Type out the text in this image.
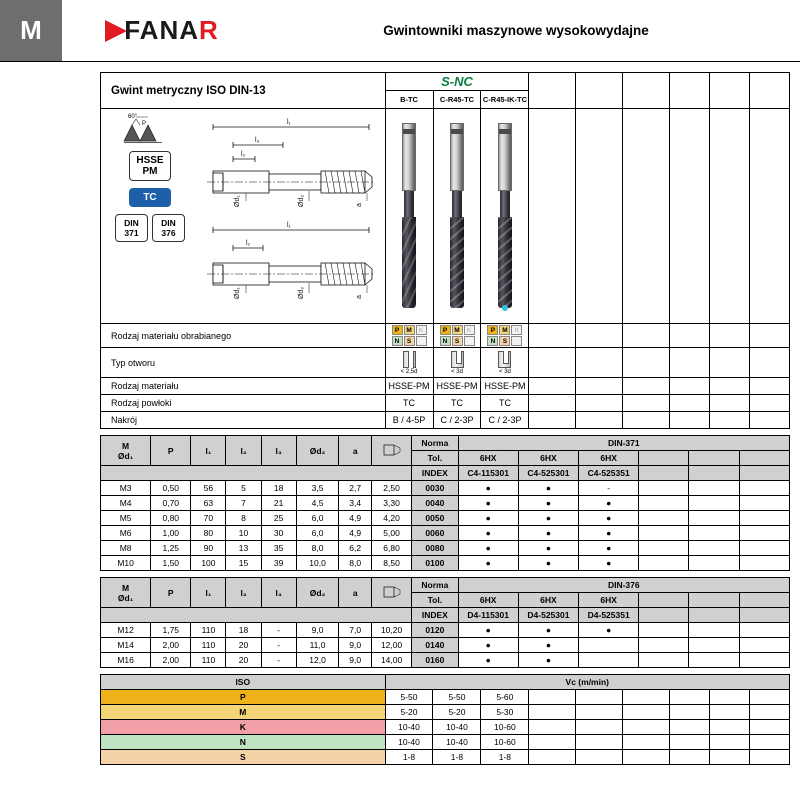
M	FANAR	Gwintowniki maszynowe wysokowydajne
Gwint metryczny ISO DIN-13	S-NC								
	B-TC	C-R45-TC	C-R45-IK-TC						

60°
P
HSSE
PM
TC
DIN
371
DIN
376
l₁
l₃
l₂
Ød₁	Ød₂	a
l₁
l₂
Ød₁	Ød₂	a

Rodzaj materiału obrabianego	P	M	K
N	S

P	M	K
N	S

P	M	K
N	S

Typ otworu	< 2,5d	< 3d	< 3d						

Rodzaj materiału	HSSE-PM	HSSE-PM	HSSE-PM						
Rodzaj powłoki	TC	TC	TC						
Nakrój	B / 4-5P	C / 2-3P	C / 2-3P						
M
Ød₁	P	l₁	l₂	l₃	Ød₂	a		Norma	DIN-371					
								Tol.	6HX	6HX	6HX			
								INDEX	C4-115301	C4-525301	C4-525351			
M3	0,50	56	5	18	3,5	2,7	2,50	0030	●	●	-			
M4	0,70	63	7	21	4,5	3,4	3,30	0040	●	●	●			
M5	0,80	70	8	25	6,0	4,9	4,20	0050	●	●	●			
M6	1,00	80	10	30	6,0	4,9	5,00	0060	●	●	●			
M8	1,25	90	13	35	8,0	6,2	6,80	0080	●	●	●			
M10	1,50	100	15	39	10,0	8,0	8,50	0100	●	●	●			
M
Ød₁	P	l₁	l₂	l₃	Ød₂	a		Norma	DIN-376					
								Tol.	6HX	6HX	6HX			
								INDEX	D4-115301	D4-525301	D4-525351			
M12	1,75	110	18	-	9,0	7,0	10,20	0120	●	●	●			
M14	2,00	110	20	-	11,0	9,0	12,00	0140	●	●				
M16	2,00	110	20	-	12,0	9,0	14,00	0160	●	●				
ISO	Vc (m/min)								
P	5-50	5-50	5-60						
M	5-20	5-20	5-30						
K	10-40	10-40	10-60						
N	10-40	10-40	10-60						
S	1-8	1-8	1-8						
